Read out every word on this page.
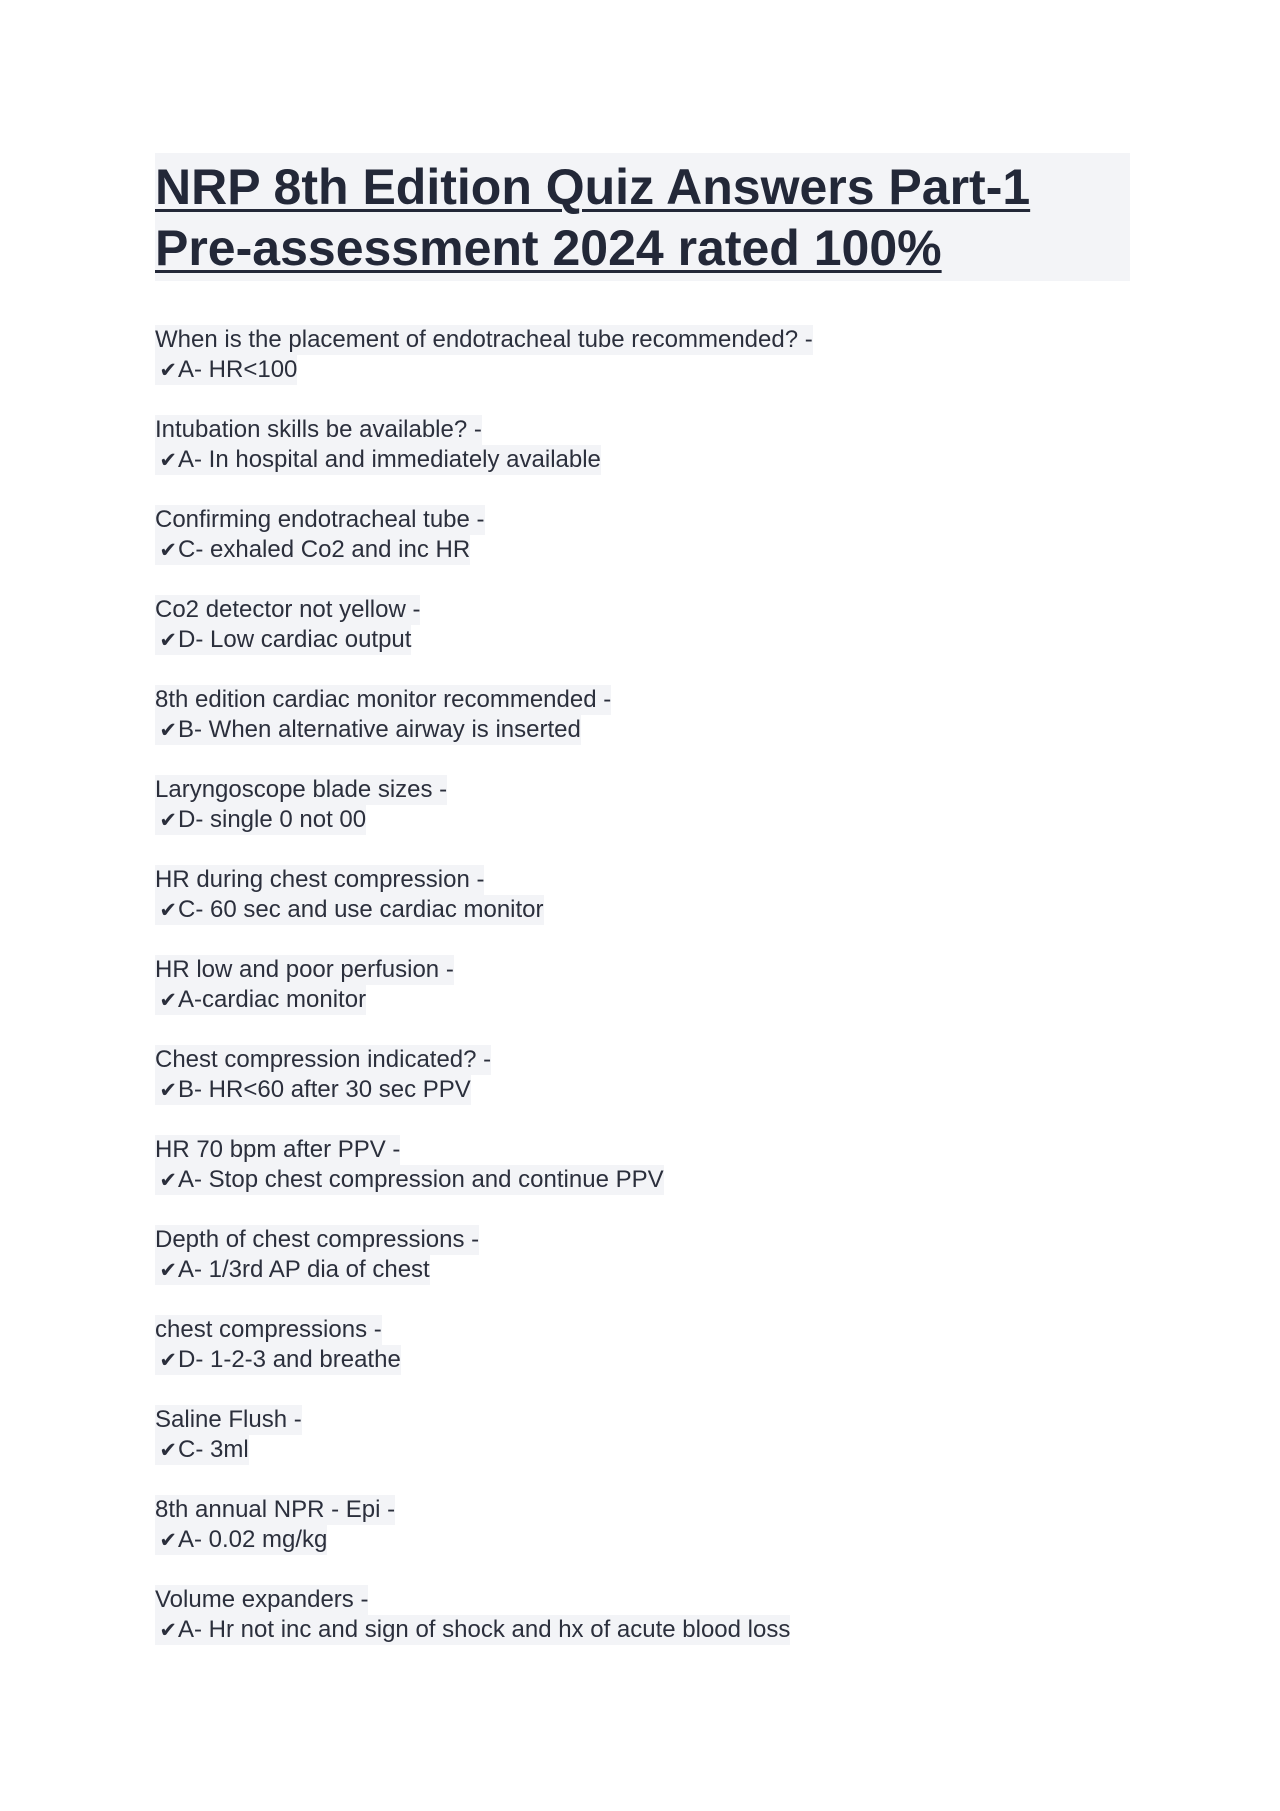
NRP 8th Edition Quiz Answers Part-1 Pre-assessment 2024 rated 100%
When is the placement of endotracheal tube recommended? -
✔A- HR<100
Intubation skills be available? -
✔A- In hospital and immediately available
Confirming endotracheal tube -
✔C- exhaled Co2 and inc HR
Co2 detector not yellow -
✔D- Low cardiac output
8th edition cardiac monitor recommended -
✔B- When alternative airway is inserted
Laryngoscope blade sizes -
✔D- single 0 not 00
HR during chest compression -
✔C- 60 sec and use cardiac monitor
HR low and poor perfusion -
✔A-cardiac monitor
Chest compression indicated? -
✔B- HR<60 after 30 sec PPV
HR 70 bpm after PPV -
✔A- Stop chest compression and continue PPV
Depth of chest compressions -
✔A- 1/3rd AP dia of chest
chest compressions -
✔D- 1-2-3 and breathe
Saline Flush -
✔C- 3ml
8th annual NPR - Epi -
✔A- 0.02 mg/kg
Volume expanders -
✔A- Hr not inc and sign of shock and hx of acute blood loss
